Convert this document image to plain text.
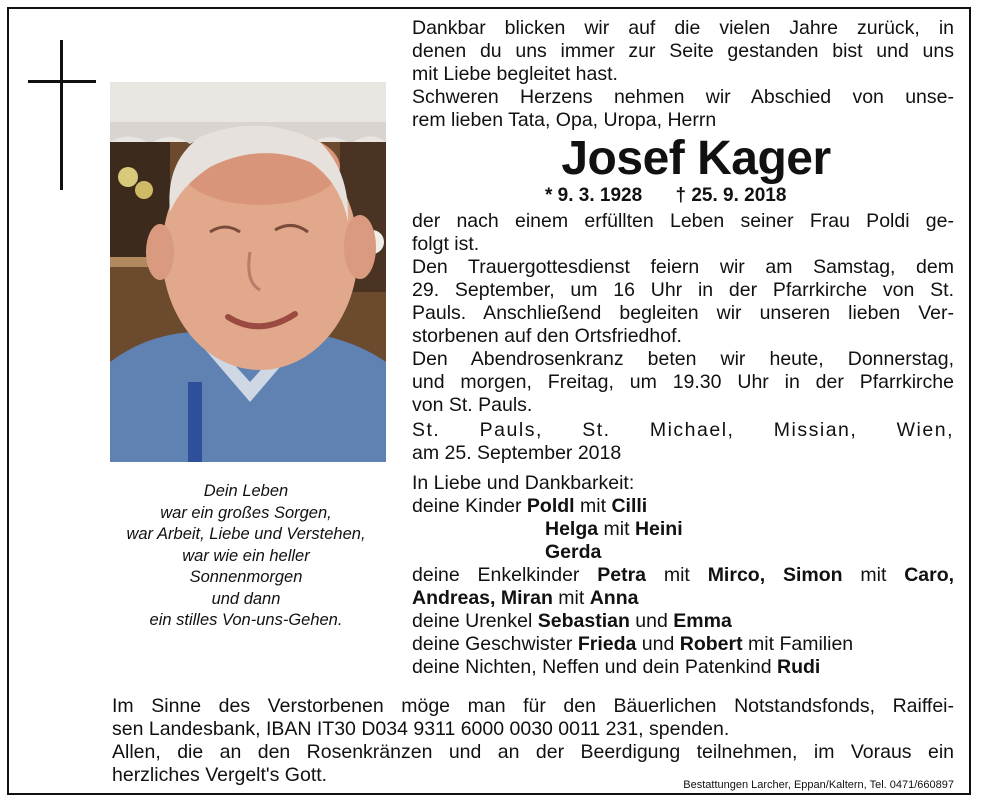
Dein Leben
war ein großes Sorgen,
war Arbeit, Liebe und Verstehen,
war wie ein heller
Sonnenmorgen
und dann
ein stilles Von-uns-Gehen.
Dankbar blicken wir auf die vielen Jahre zurück, in
denen du uns immer zur Seite gestanden bist und uns
mit Liebe begleitet hast.
Schweren Herzens nehmen wir Abschied von unse-
rem lieben Tata, Opa, Uropa, Herrn
Josef Kager
* 9. 3. 1928 † 25. 9. 2018
der nach einem erfüllten Leben seiner Frau Poldi ge-
folgt ist.
Den Trauergottesdienst feiern wir am Samstag, dem
29. September, um 16 Uhr in der Pfarrkirche von St.
Pauls. Anschließend begleiten wir unseren lieben Ver-
storbenen auf den Ortsfriedhof.
Den Abendrosenkranz beten wir heute, Donnerstag,
und morgen, Freitag, um 19.30 Uhr in der Pfarrkirche
von St. Pauls.
St. Pauls, St. Michael, Missian, Wien,
am 25. September 2018
In Liebe und Dankbarkeit:
deine Kinder Poldl mit Cilli
Helga mit Heini
Gerda
deine Enkelkinder Petra mit Mirco, Simon mit Caro,
Andreas, Miran mit Anna
deine Urenkel Sebastian und Emma
deine Geschwister Frieda und Robert mit Familien
deine Nichten, Neffen und dein Patenkind Rudi
Im Sinne des Verstorbenen möge man für den Bäuerlichen Notstandsfonds, Raiffei-
sen Landesbank, IBAN IT30 D034 9311 6000 0030 0011 231, spenden.
Allen, die an den Rosenkränzen und an der Beerdigung teilnehmen, im Voraus ein
herzliches Vergelt's Gott.	Bestattungen Larcher, Eppan/Kaltern, Tel. 0471/660897
